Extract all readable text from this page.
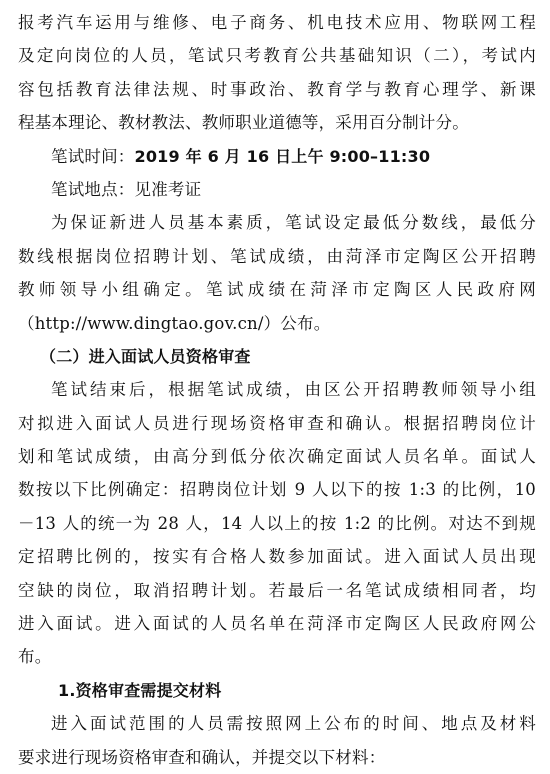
报考汽车运用与维修、电子商务、机电技术应用、物联网工程
及定向岗位的人员，笔试只考教育公共基础知识（二），考试内
容包括教育法律法规、时事政治、教育学与教育心理学、新课
程基本理论、教材教法、教师职业道德等，采用百分制计分。
笔试时间：2019 年 6 月 16 日上午 9:00–11:30
笔试地点：见准考证
为保证新进人员基本素质，笔试设定最低分数线，最低分
数线根据岗位招聘计划、笔试成绩，由菏泽市定陶区公开招聘
教师领导小组确定。笔试成绩在菏泽市定陶区人民政府网
（http://www.dingtao.gov.cn/）公布。
（二）进入面试人员资格审查
笔试结束后，根据笔试成绩，由区公开招聘教师领导小组
对拟进入面试人员进行现场资格审查和确认。根据招聘岗位计
划和笔试成绩，由高分到低分依次确定面试人员名单。面试人
数按以下比例确定：招聘岗位计划 9 人以下的按 1:3 的比例，10
－13 人的统一为 28 人，14 人以上的按 1:2 的比例。对达不到规
定招聘比例的，按实有合格人数参加面试。进入面试人员出现
空缺的岗位，取消招聘计划。若最后一名笔试成绩相同者，均
进入面试。进入面试的人员名单在菏泽市定陶区人民政府网公
布。
1.资格审查需提交材料
进入面试范围的人员需按照网上公布的时间、地点及材料
要求进行现场资格审查和确认，并提交以下材料：
